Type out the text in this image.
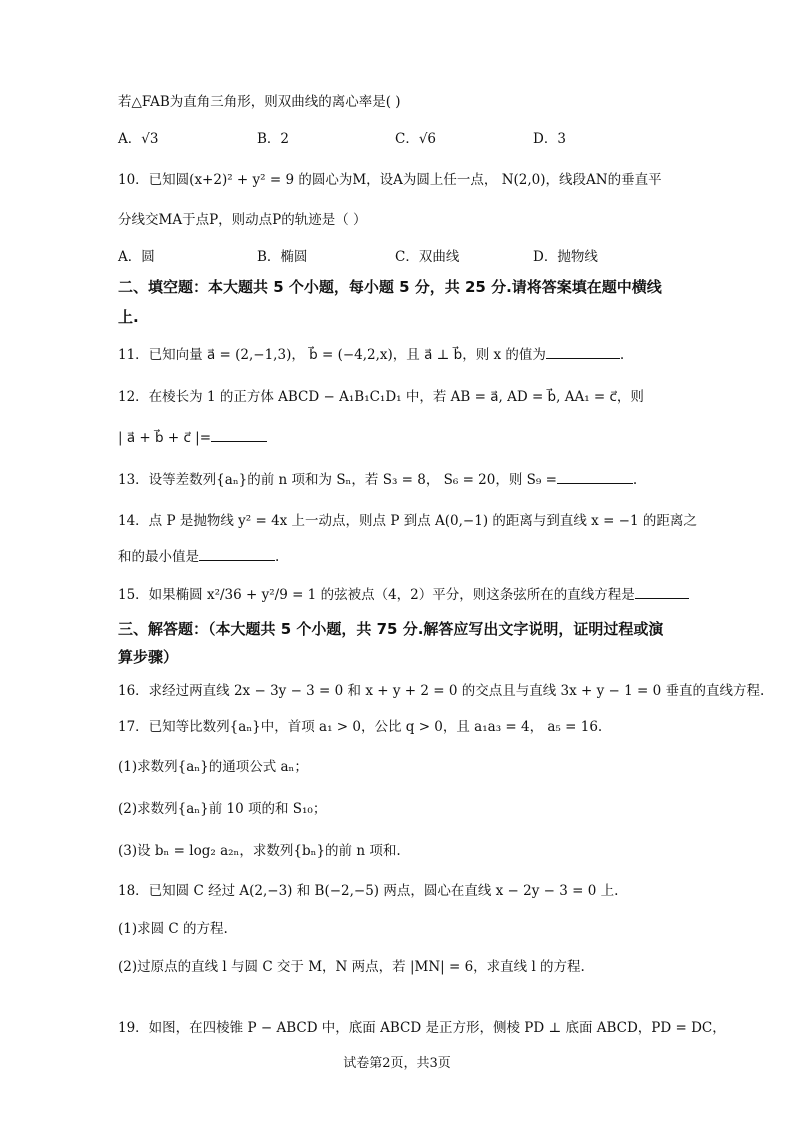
若△FAB为直角三角形，则双曲线的离心率是( )
A．√3	B．2	C．√6	D．3
10．已知圆(x+2)² + y² = 9 的圆心为M，设A为圆上任一点， N(2,0)，线段AN的垂直平
分线交MA于点P，则动点P的轨迹是（ ）
A．圆	B．椭圆	C．双曲线	D．抛物线
二、填空题：本大题共 5 个小题，每小题 5 分，共 25 分.请将答案填在题中横线
上.
11．已知向量 a⃗ = (2,−1,3)， b⃗ = (−4,2,x)，且 a⃗ ⊥ b⃗，则 x 的值为	.
12．在棱长为 1 的正方体 ABCD − A₁B₁C₁D₁ 中，若 AB = a⃗, AD = b⃗, AA₁ = c⃗，则
| a⃗ + b⃗ + c⃗ |=
13．设等差数列{aₙ}的前 n 项和为 Sₙ，若 S₃ = 8， S₆ = 20，则 S₉ =	.
14．点 P 是抛物线 y² = 4x 上一动点，则点 P 到点 A(0,−1) 的距离与到直线 x = −1 的距离之
和的最小值是	.
15．如果椭圆 x²/36 + y²/9 = 1 的弦被点（4，2）平分，则这条弦所在的直线方程是
三、解答题：（本大题共 5 个小题，共 75 分.解答应写出文字说明，证明过程或演
算步骤）
16．求经过两直线 2x − 3y − 3 = 0 和 x + y + 2 = 0 的交点且与直线 3x + y − 1 = 0 垂直的直线方程.
17．已知等比数列{aₙ}中，首项 a₁ > 0，公比 q > 0，且 a₁a₃ = 4， a₅ = 16.
(1)求数列{aₙ}的通项公式 aₙ；
(2)求数列{aₙ}前 10 项的和 S₁₀；
(3)设 bₙ = log₂ a₂ₙ，求数列{bₙ}的前 n 项和.
18．已知圆 C 经过 A(2,−3) 和 B(−2,−5) 两点，圆心在直线 x − 2y − 3 = 0 上.
(1)求圆 C 的方程.
(2)过原点的直线 l 与圆 C 交于 M，N 两点，若 |MN| = 6，求直线 l 的方程.
19．如图，在四棱锥 P − ABCD 中，底面 ABCD 是正方形，侧棱 PD ⊥ 底面 ABCD，PD = DC，
试卷第2页，共3页
